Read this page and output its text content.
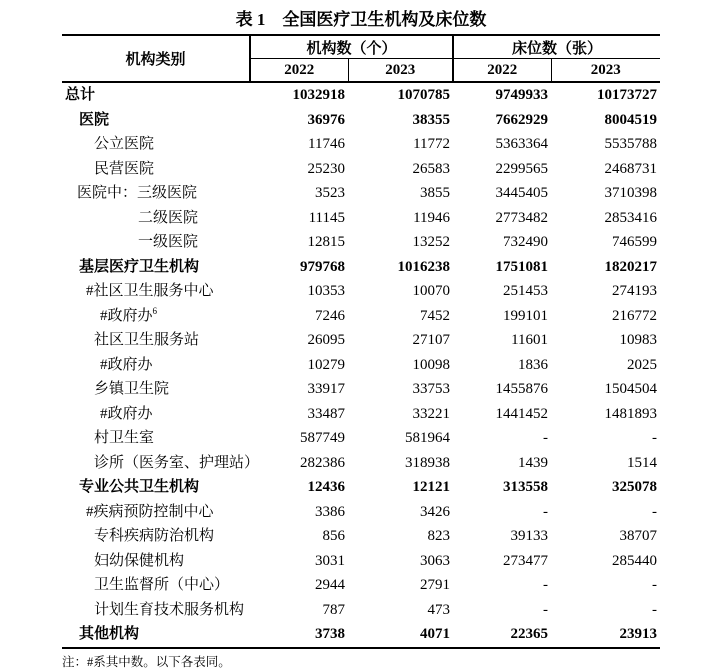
表 1　全国医疗卫生机构及床位数
机构类别	机构数（个）		床位数（张）	
	2022	2023	2022	2023
总计	1032918	1070785	9749933	10173727
医院	36976	38355	7662929	8004519
公立医院	11746	11772	5363364	5535788
民营医院	25230	26583	2299565	2468731
医院中：三级医院	3523	3855	3445405	3710398
二级医院	11145	11946	2773482	2853416
一级医院	12815	13252	732490	746599
基层医疗卫生机构	979768	1016238	1751081	1820217
#社区卫生服务中心	10353	10070	251453	274193
#政府办$^6$	7246	7452	199101	216772
社区卫生服务站	26095	27107	11601	10983
#政府办	10279	10098	1836	2025
乡镇卫生院	33917	33753	1455876	1504504
#政府办	33487	33221	1441452	1481893
村卫生室	587749	581964	-	-
诊所（医务室、护理站）	282386	318938	1439	1514
专业公共卫生机构	12436	12121	313558	325078
#疾病预防控制中心	3386	3426	-	-
专科疾病防治机构	856	823	39133	38707
妇幼保健机构	3031	3063	273477	285440
卫生监督所（中心）	2944	2791	-	-
计划生育技术服务机构	787	473	-	-
其他机构	3738	4071	22365	23913
注：#系其中数。以下各表同。
